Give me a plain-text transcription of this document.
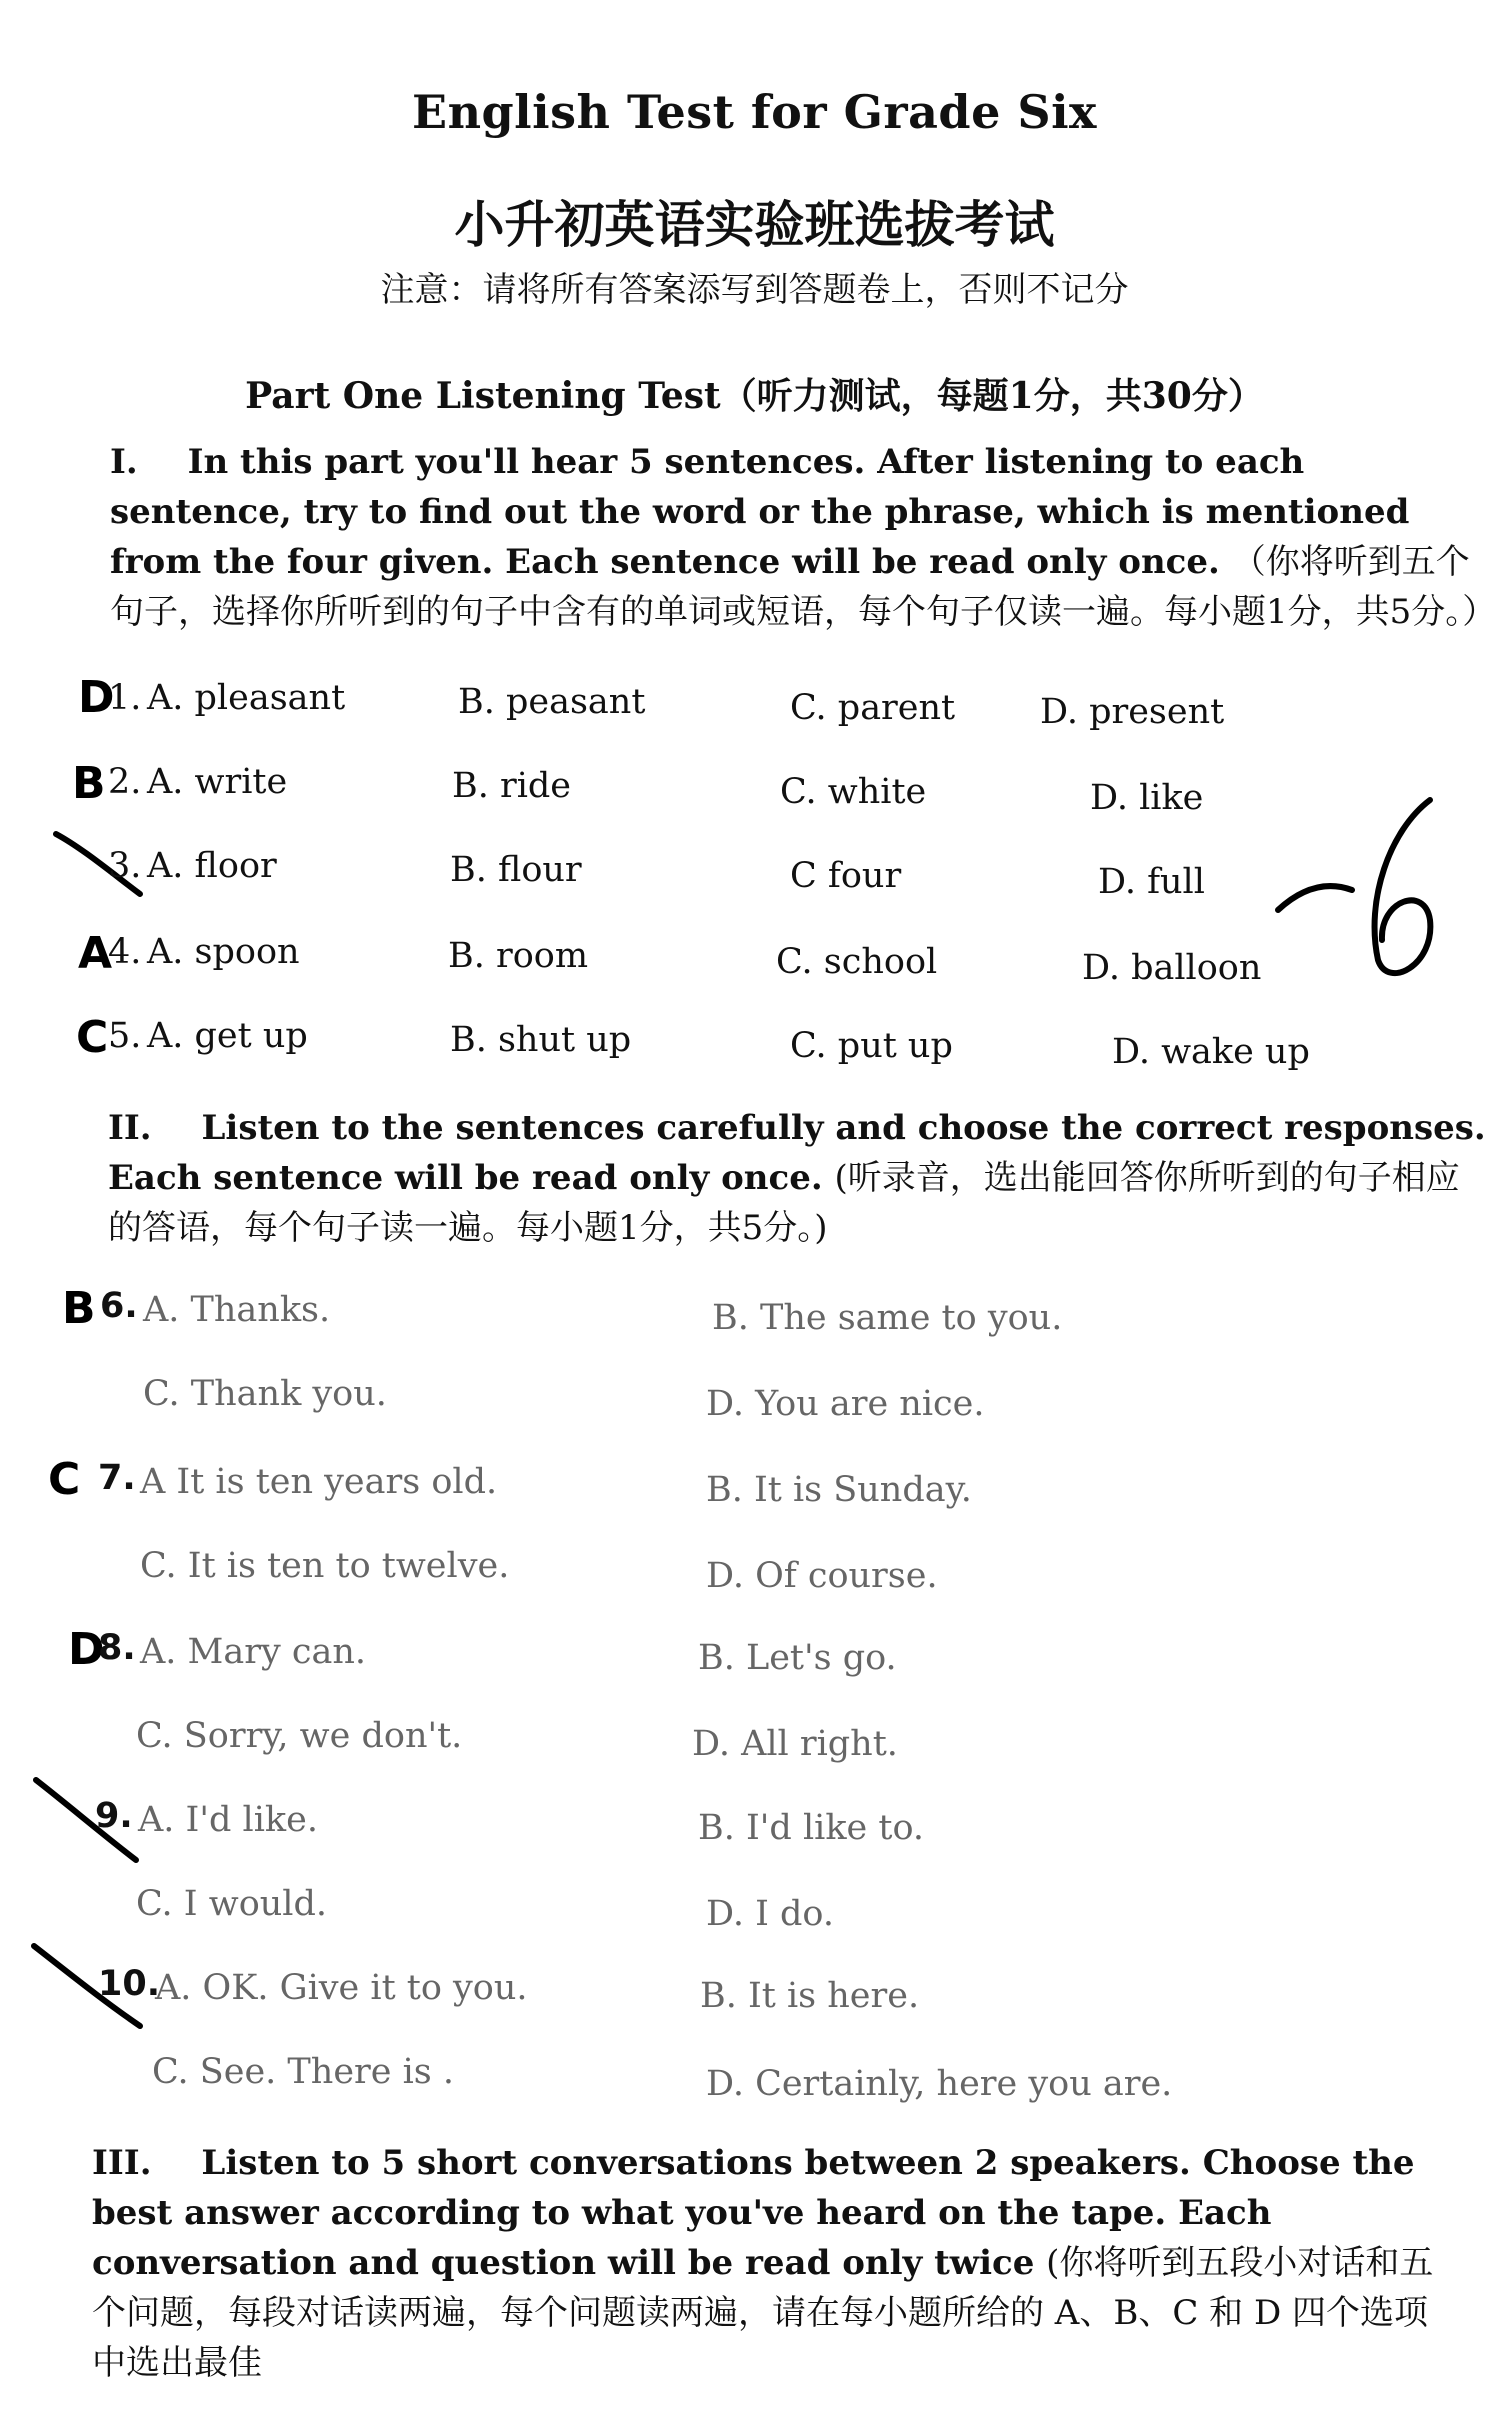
English Test for Grade Six
小升初英语实验班选拔考试
注意：请将所有答案添写到答题卷上，否则不记分
Part One Listening Test（听力测试，每题1分，共30分）
I. In this part you'll hear 5 sentences. After listening to each sentence, try to find out the word or the phrase, which is mentioned from the four given. Each sentence will be read only once. （你将听到五个句子，选择你所听到的句子中含有的单词或短语，每个句子仅读一遍。每小题1分，共5分。）
D
1. A. pleasant	B. peasant	C. parent D. present
B 2. A. write	B. ride	C. white	D. like
3. A. floor	B. flour	C four	D. full
A
4. A. spoon	B. room	C. school	D. balloon
C 5. A. get up	B. shut up	C. put up	D. wake up
II. Listen to the sentences carefully and choose the correct responses. Each sentence will be read only once. (听录音，选出能回答你所听到的句子相应的答语，每个句子读一遍。每小题1分，共5分。)
B 6. A. Thanks.	B. The same to you.
C. Thank you.	D. You are nice.
C 7. A It is ten years old.	B. It is Sunday.
C. It is ten to twelve.	D. Of course.
D
8. A. Mary can.	B. Let's go.
C. Sorry, we don't.	D. All right.
9. A. I'd like.	B. I'd like to.
C. I would.	D. I do.
10.
A. OK. Give it to you.	B. It is here.
C. See. There is .	D. Certainly, here you are.
III. Listen to 5 short conversations between 2 speakers. Choose the best answer according to what you've heard on the tape. Each conversation and question will be read only twice (你将听到五段小对话和五个问题，每段对话读两遍，每个问题读两遍，请在每小题所给的 A、B、C 和 D 四个选项中选出最佳
